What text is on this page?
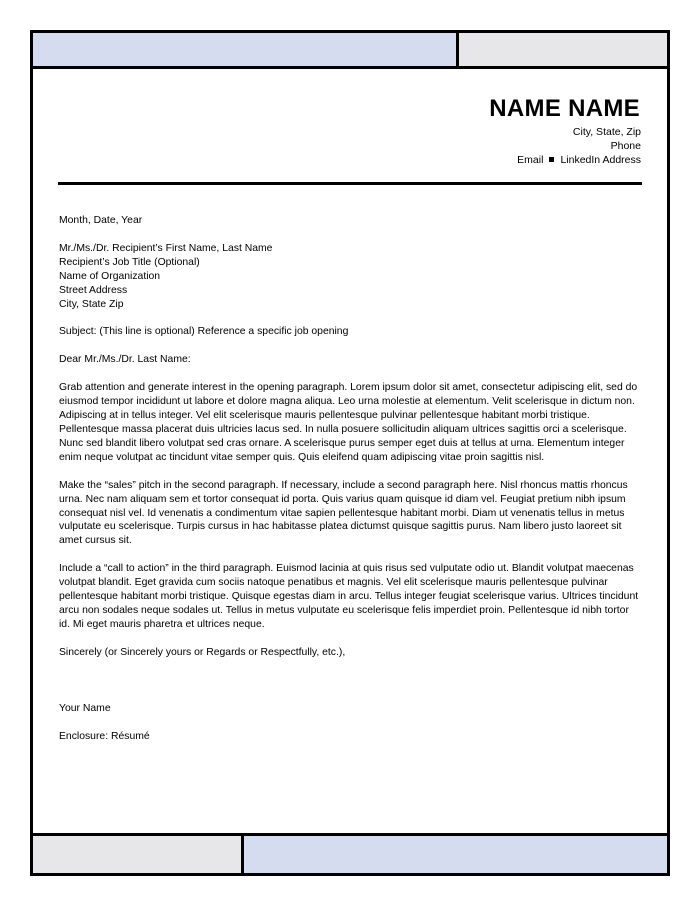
NAME NAME
City, State, Zip
Phone
Email LinkedIn Address

Month, Date, Year

Mr./Ms./Dr. Recipient’s First Name, Last Name
Recipient’s Job Title (Optional)
Name of Organization
Street Address
City, State Zip

Subject: (This line is optional) Reference a specific job opening

Dear Mr./Ms./Dr. Last Name:

Grab attention and generate interest in the opening paragraph. Lorem ipsum dolor sit amet, consectetur adipiscing elit, sed do eiusmod tempor incididunt ut labore et dolore magna aliqua. Leo urna molestie at elementum. Velit scelerisque in dictum non. Adipiscing at in tellus integer. Vel elit scelerisque mauris pellentesque pulvinar pellentesque habitant morbi tristique. Pellentesque massa placerat duis ultricies lacus sed. In nulla posuere sollicitudin aliquam ultrices sagittis orci a scelerisque. Nunc sed blandit libero volutpat sed cras ornare. A scelerisque purus semper eget duis at tellus at urna. Elementum integer enim neque volutpat ac tincidunt vitae semper quis. Quis eleifend quam adipiscing vitae proin sagittis nisl.

Make the “sales” pitch in the second paragraph. If necessary, include a second paragraph here. Nisl rhoncus mattis rhoncus urna. Nec nam aliquam sem et tortor consequat id porta. Quis varius quam quisque id diam vel. Feugiat pretium nibh ipsum consequat nisl vel. Id venenatis a condimentum vitae sapien pellentesque habitant morbi. Diam ut venenatis tellus in metus vulputate eu scelerisque. Turpis cursus in hac habitasse platea dictumst quisque sagittis purus. Nam libero justo laoreet sit amet cursus sit.

Include a “call to action” in the third paragraph. Euismod lacinia at quis risus sed vulputate odio ut. Blandit volutpat maecenas volutpat blandit. Eget gravida cum sociis natoque penatibus et magnis. Vel elit scelerisque mauris pellentesque pulvinar pellentesque habitant morbi tristique. Quisque egestas diam in arcu. Tellus integer feugiat scelerisque varius. Ultrices tincidunt arcu non sodales neque sodales ut. Tellus in metus vulputate eu scelerisque felis imperdiet proin. Pellentesque id nibh tortor id. Mi eget mauris pharetra et ultrices neque.

Sincerely (or Sincerely yours or Regards or Respectfully, etc.),

Your Name

Enclosure: Résumé
